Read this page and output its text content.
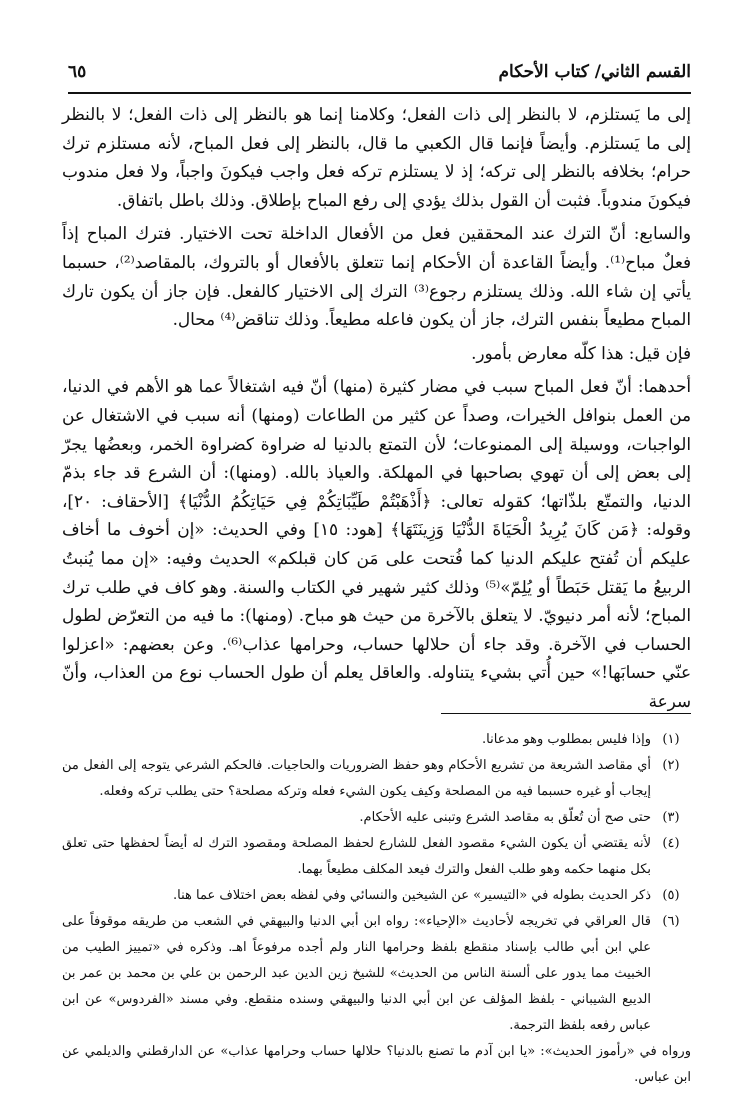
٦٥	القسم الثاني/ كتاب الأحكام

إلى ما يَستلزم، لا بالنظر إلى ذات الفعل؛ وكلامنا إنما هو بالنظر إلى ذات الفعل؛ لا بالنظر إلى ما يَستلزم. وأيضاً فإنما قال الكعبي ما قال، بالنظر إلى فعل المباح، لأنه مستلزم ترك حرام؛ بخلافه بالنظر إلى تركه؛ إذ لا يستلزم تركه فعل واجب فيكونَ واجباً، ولا فعل مندوب فيكونَ مندوباً. فثبت أن القول بذلك يؤدي إلى رفع المباح بإطلاق. وذلك باطل باتفاق.

والسابع: أنّ الترك عند المحققين فعل من الأفعال الداخلة تحت الاختيار. فترك المباح إذاً فعلٌ مباح⁽¹⁾. وأيضاً القاعدة أن الأحكام إنما تتعلق بالأفعال أو بالتروك، بالمقاصد⁽²⁾، حسبما يأتي إن شاء الله. وذلك يستلزم رجوع⁽³⁾ الترك إلى الاختيار كالفعل. فإن جاز أن يكون تارك المباح مطيعاً بنفس الترك، جاز أن يكون فاعله مطيعاً. وذلك تناقض⁽⁴⁾ محال.

فإن قيل: هذا كلّه معارض بأمور.

أحدهما: أنّ فعل المباح سبب في مضار كثيرة (منها) أنّ فيه اشتغالاً عما هو الأهم في الدنيا، من العمل بنوافل الخيرات، وصداً عن كثير من الطاعات (ومنها) أنه سبب في الاشتغال عن الواجبات، ووسيلة إلى الممنوعات؛ لأن التمتع بالدنيا له ضراوة كضراوة الخمر، وبعضُها يجرّ إلى بعض إلى أن تهوي بصاحبها في المهلكة. والعياذ بالله. (ومنها): أن الشرع قد جاء بذمّ الدنيا، والتمتّع بلذّاتها؛ كقوله تعالى: ﴿أَذْهَبْتُمْ طَيِّبَاتِكُمْ فِي حَيَاتِكُمُ الدُّنْيَا﴾ [الأحقاف: ٢٠]، وقوله: ﴿مَن كَانَ يُرِيدُ الْحَيَاةَ الدُّنْيَا وَزِينَتَهَا﴾ [هود: ١٥] وفي الحديث: «إن أخوف ما أخاف عليكم أن تُفتح عليكم الدنيا كما فُتحت على مَن كان قبلكم» الحديث وفيه: «إن مما يُنبتُ الربيعُ ما يَقتل حَبَطاً أو يُلِمّ»⁽⁵⁾ وذلك كثير شهير في الكتاب والسنة. وهو كاف في طلب ترك المباح؛ لأنه أمر دنيويّ. لا يتعلق بالآخرة من حيث هو مباح. (ومنها): ما فيه من التعرّض لطول الحساب في الآخرة. وقد جاء أن حلالها حساب، وحرامها عذاب⁽⁶⁾. وعن بعضهم: «اعزلوا عنّي حسابَها!» حين أُتي بشيء يتناوله. والعاقل يعلم أن طول الحساب نوع من العذاب، وأنّ سرعة

(١)
وإذا فليس بمطلوب وهو مدعانا.
(٢)
أي مقاصد الشريعة من تشريع الأحكام وهو حفظ الضروريات والحاجيات. فالحكم الشرعي يتوجه إلى الفعل من إيجاب أو غيره حسبما فيه من المصلحة وكيف يكون الشيء فعله وتركه مصلحة؟ حتى يطلب تركه وفعله.
(٣)
حتى صح أن تُعلّق به مقاصد الشرع وتبنى عليه الأحكام.
(٤)
لأنه يقتضي أن يكون الشيء مقصود الفعل للشارع لحفظ المصلحة ومقصود الترك له أيضاً لحفظها حتى تعلق بكل منهما حكمه وهو طلب الفعل والترك فيعد المكلف مطيعاً بهما.
(٥)
ذكر الحديث بطوله في «التيسير» عن الشيخين والنسائي وفي لفظه بعض اختلاف عما هنا.
(٦)
قال العراقي في تخريجه لأحاديث «الإحياء»: رواه ابن أبي الدنيا والبيهقي في الشعب من طريقه موقوفاً على علي ابن أبي طالب بإسناد منقطع بلفظ وحرامها النار ولم أجده مرفوعاً اهـ. وذكره في «تمييز الطيب من الخبيث مما يدور على ألسنة الناس من الحديث» للشيخ زين الدين عبد الرحمن بن علي بن محمد بن عمر بن الديبع الشيباني - بلفظ المؤلف عن ابن أبي الدنيا والبيهقي وسنده منقطع. وفي مسند «الفردوس» عن ابن عباس رفعه بلفظ الترجمة.
ورواه في «رأموز الحديث»: «يا ابن آدم ما تصنع بالدنيا؟ حلالها حساب وحرامها عذاب» عن الدارقطني والديلمي عن ابن عباس.
